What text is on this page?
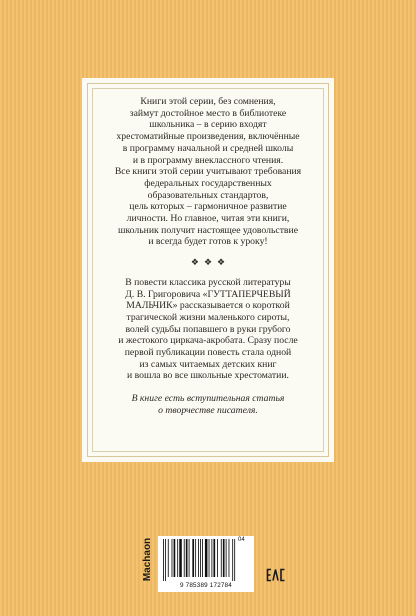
Книги этой серии, без сомнения,
займут достойное место в библиотеке
школьника – в серию входят
хрестоматийные произведения, включённые
в программу начальной и средней школы
и в программу внеклассного чтения.
Все книги этой серии учитывают требования
федеральных государственных
образовательных стандартов,
цель которых – гармоничное развитие
личности. Но главное, читая эти книги,
школьник получит настоящее удовольствие
и всегда будет готов к уроку!
❖❖❖
В повести классика русской литературы
Д. В. Григоровича «ГУТТАПЕРЧЕВЫЙ
МАЛЬЧИК» рассказывается о короткой
трагической жизни маленького сироты,
волей судьбы попавшего в руки грубого
и жестокого циркача-акробата. Сразу после
первой публикации повесть стала одной
из самых читаемых детских книг
и вошла во все школьные хрестоматии.
В книге есть вступительная статья
о творчестве писателя.
Machaon
9 785389 172784
04
